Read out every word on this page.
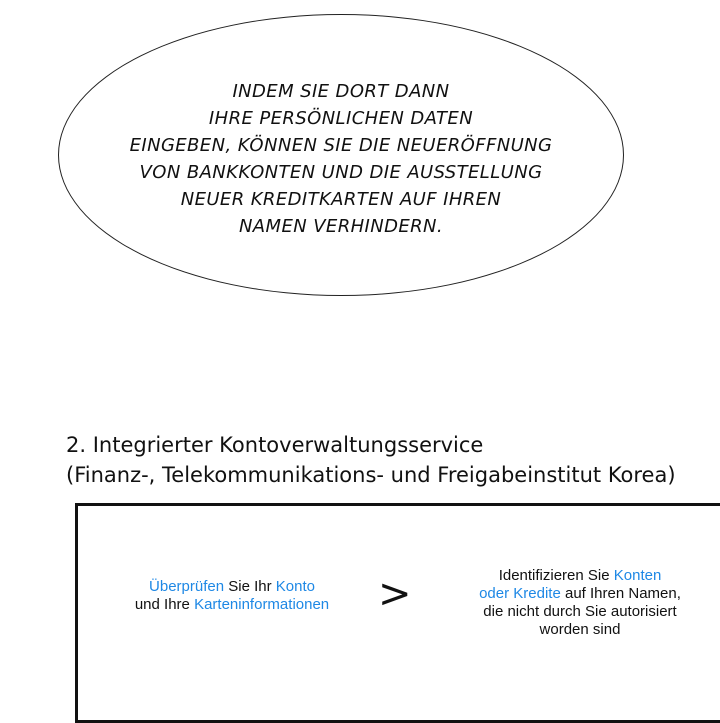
INDEM SIE DORT DANN
IHRE PERSÖNLICHEN DATEN
EINGEBEN, KÖNNEN SIE DIE NEUERÖFFNUNG
VON BANKKONTEN UND DIE AUSSTELLUNG
NEUER KREDITKARTEN AUF IHREN
NAMEN VERHINDERN.
2. Integrierter Kontoverwaltungsservice
(Finanz-, Telekommunikations- und Freigabeinstitut Korea)
Überprüfen Sie Ihr Konto
und Ihre Karteninformationen	>	Identifizieren Sie Konten
oder Kredite auf Ihren Namen,
die nicht durch Sie autorisiert
worden sind
